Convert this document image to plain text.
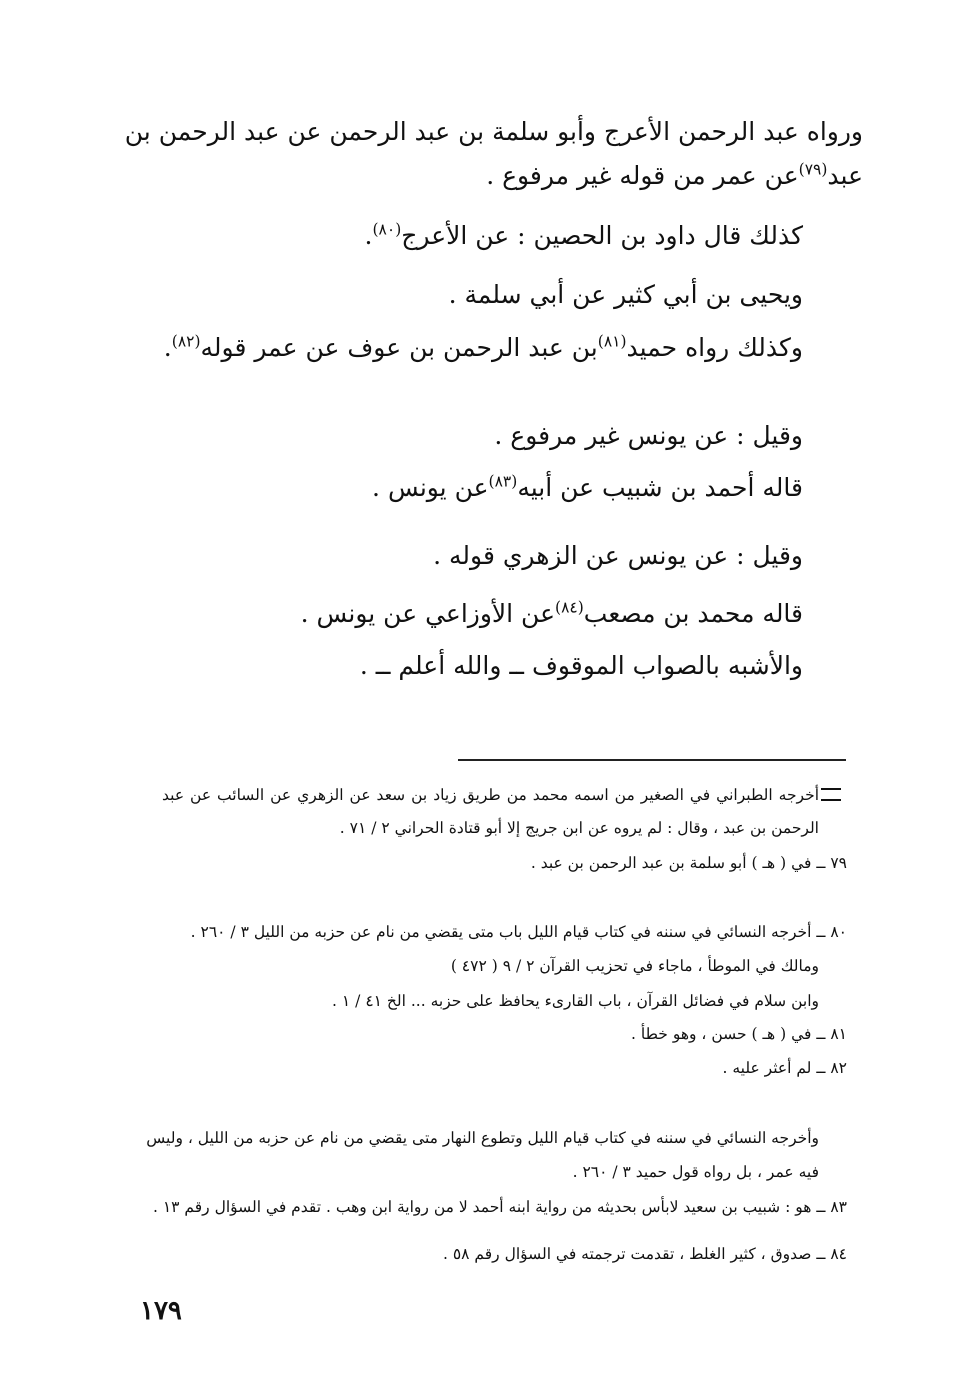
ورواه عبد الرحمن الأعرج وأبو سلمة بن عبد الرحمن عن عبد الرحمن بن
عبد$^{(٧٩)}$عن عمر من قوله غير مرفوع .
كذلك قال داود بن الحصين : عن الأعرج$^{(٨٠)}$.
ويحيى بن أبي كثير عن أبي سلمة .
وكذلك رواه حميد$^{(٨١)}$بن عبد الرحمن بن عوف عن عمر قوله$^{(٨٢)}$.
وقيل : عن يونس غير مرفوع .
قاله أحمد بن شبيب عن أبيه$^{(٨٣)}$عن يونس .
وقيل : عن يونس عن الزهري قوله .
قاله محمد بن مصعب$^{(٨٤)}$عن الأوزاعي عن يونس .
والأشبه بالصواب الموقوف ــ والله أعلم ــ .
أخرجه الطبراني في الصغير من اسمه محمد من طريق زياد بن سعد عن الزهري عن السائب عن عبد
الرحمن بن عبد ، وقال : لم يروه عن ابن جريج إلا أبو قتادة الحراني ٢ / ٧١ .
٧٩ ــ في ( هـ ) أبو سلمة بن عبد الرحمن بن عبد .
٨٠ ــ أخرجه النسائي في سننه في كتاب قيام الليل باب متى يقضي من نام عن حزبه من الليل ٣ / ٢٦٠ .
ومالك في الموطأ ، ماجاء في تحزيب القرآن ٢ / ٩ ( ٤٧٢ )
وابن سلام في فضائل القرآن ، باب القارىء يحافظ على حزبه ... الخ ٤١ / ١ .
٨١ ــ في ( هـ ) حسن ، وهو خطأ .
٨٢ ــ لم أعثر عليه .
وأخرجه النسائي في سننه في كتاب قيام الليل وتطوع النهار متى يقضي من نام عن حزبه من الليل ، وليس
فيه عمر ، بل رواه قول حميد ٣ / ٢٦٠ .
٨٣ ــ هو : شبيب بن سعيد لابأس بحديثه من رواية ابنه أحمد لا من رواية ابن وهب . تقدم في السؤال رقم ١٣ .
٨٤ ــ صدوق ، كثير الغلط ، تقدمت ترجمته في السؤال رقم ٥٨ .
١٧٩
